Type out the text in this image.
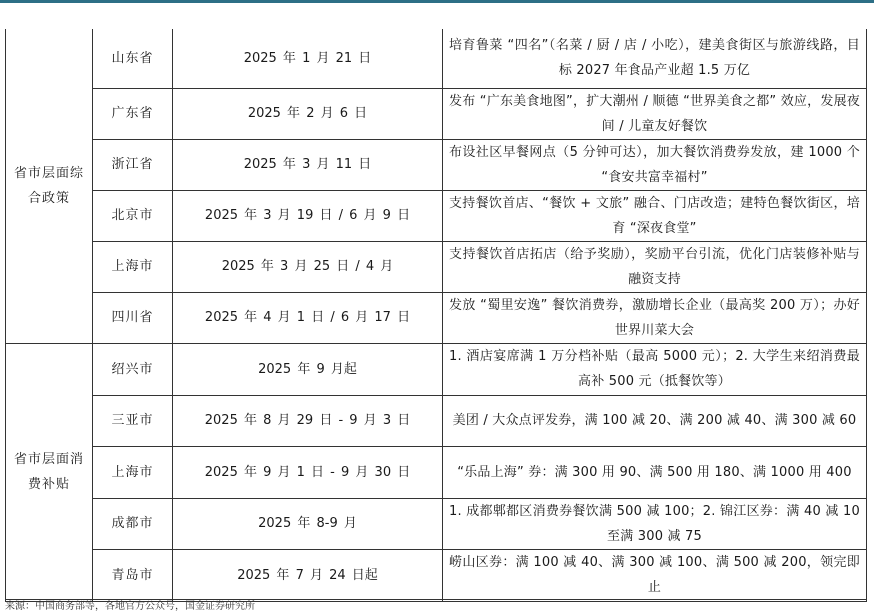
省市层面综合政策	山东省	2025 年 1 月 21 日	培育鲁菜 “四名”（名菜 / 厨 / 店 / 小吃），建美食街区与旅游线路，目标 2027 年食品产业超 1.5 万亿
	广东省	2025 年 2 月 6 日	发布 “广东美食地图”，扩大潮州 / 顺德 “世界美食之都” 效应，发展夜间 / 儿童友好餐饮
	浙江省	2025 年 3 月 11 日	布设社区早餐网点（5 分钟可达），加大餐饮消费券发放，建 1000 个 “食安共富幸福村”
	北京市	2025 年 3 月 19 日 / 6 月 9 日	支持餐饮首店、“餐饮 + 文旅” 融合、门店改造；建特色餐饮街区，培育 “深夜食堂”
	上海市	2025 年 3 月 25 日 / 4 月	支持餐饮首店拓店（给予奖励），奖励平台引流，优化门店装修补贴与融资支持
	四川省	2025 年 4 月 1 日 / 6 月 17 日	发放 “蜀里安逸” 餐饮消费券，激励增长企业（最高奖 200 万）；办好世界川菜大会
省市层面消费补贴	绍兴市	2025 年 9 月起	1. 酒店宴席满 1 万分档补贴（最高 5000 元）；2. 大学生来绍消费最高补 500 元（抵餐饮等）
	三亚市	2025 年 8 月 29 日 - 9 月 3 日	美团 / 大众点评发券，满 100 减 20、满 200 减 40、满 300 减 60
	上海市	2025 年 9 月 1 日 - 9 月 30 日	“乐品上海” 券：满 300 用 90、满 500 用 180、满 1000 用 400
	成都市	2025 年 8-9 月	1. 成都郫都区消费券餐饮满 500 减 100；2. 锦江区券：满 40 减 10 至满 300 减 75
	青岛市	2025 年 7 月 24 日起	崂山区券：满 100 减 40、满 300 减 100、满 500 减 200，领完即止
来源：中国商务部等，各地官方公众号，国金证券研究所
